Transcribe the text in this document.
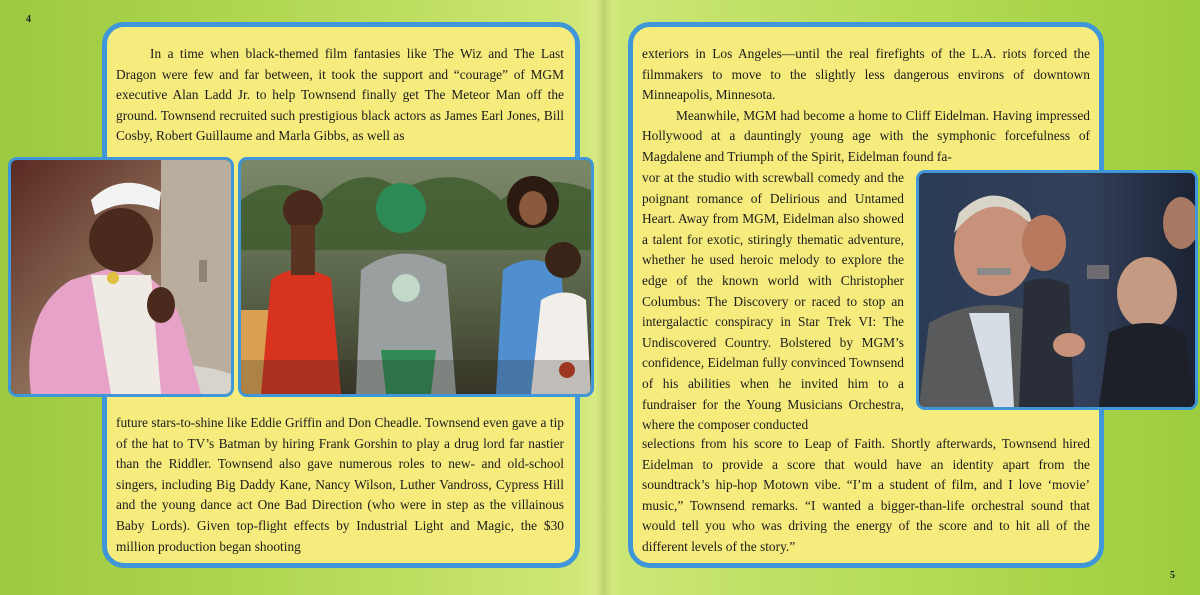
4
5

In a time when black-themed film fantasies like The Wiz and The Last Dragon were few and far between, it took the support and “courage” of MGM executive Alan Ladd Jr. to help Townsend finally get The Meteor Man off the ground. Townsend recruited such prestigious black actors as James Earl Jones, Bill Cosby, Robert Guillaume and Marla Gibbs, as well as

future stars-to-shine like Eddie Griffin and Don Cheadle. Townsend even gave a tip of the hat to TV’s Batman by hiring Frank Gorshin to play a drug lord far nastier than the Riddler. Townsend also gave numerous roles to new- and old-school singers, including Big Daddy Kane, Nancy Wilson, Luther Vandross, Cypress Hill and the young dance act One Bad Direction (who were in step as the villainous Baby Lords). Given top-flight effects by Industrial Light and Magic, the $30 million production began shooting

exteriors in Los Angeles—until the real firefights of the L.A. riots forced the filmmakers to move to the slightly less dangerous environs of downtown Minneapolis, Minnesota.

Meanwhile, MGM had become a home to Cliff Eidelman. Having impressed Hollywood at a dauntingly young age with the symphonic forcefulness of Magdalene and Triumph of the Spirit, Eidelman found fa-

vor at the studio with screwball comedy and the poignant romance of Delirious and Untamed Heart. Away from MGM, Eidelman also showed a talent for exotic, stiringly thematic adventure, whether he used heroic melody to explore the edge of the known world with Christopher Columbus: The Discovery or raced to stop an intergalactic conspiracy in Star Trek VI: The Undiscovered Country. Bolstered by MGM’s confidence, Eidelman fully convinced Townsend of his abilities when he invited him to a fundraiser for the Young Musicians Orchestra, where the composer conducted

selections from his score to Leap of Faith. Shortly afterwards, Townsend hired Eidelman to provide a score that would have an identity apart from the soundtrack’s hip-hop Motown vibe. “I’m a student of film, and I love ‘movie’ music,” Townsend remarks. “I wanted a bigger-than-life orchestral sound that would tell you who was driving the energy of the score and to hit all of the different levels of the story.”
